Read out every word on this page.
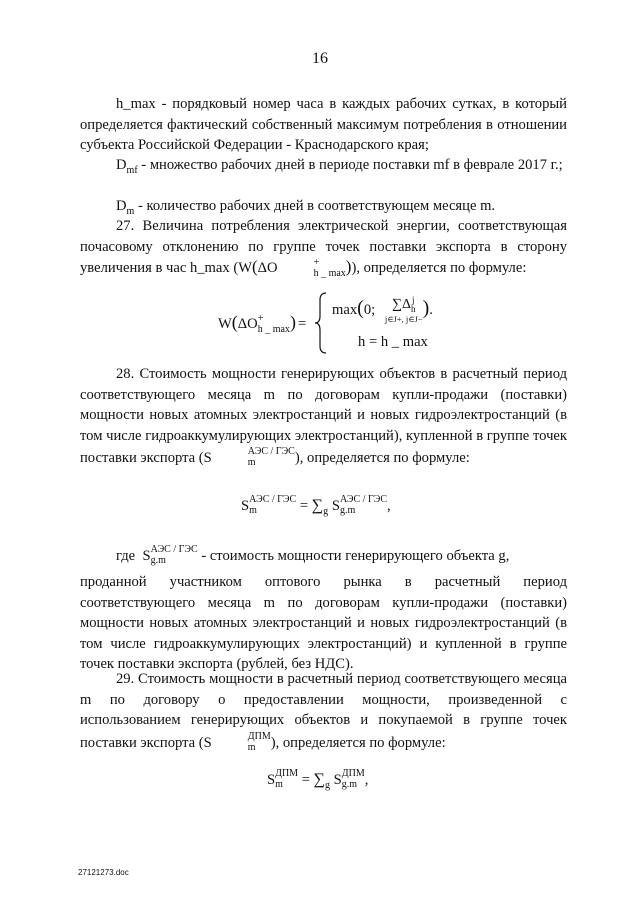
16

h_max - порядковый номер часа в каждых рабочих сутках, в который определяется фактический собственный максимум потребления в отношении субъекта Российской Федерации - Краснодарского края;

$D_{mf}$ - множество рабочих дней в периоде поставки mf в феврале 2017 г.;

$D_m$ - количество рабочих дней в соответствующем месяце m.

27. Величина потребления электрической энергии, соответствующая почасовому отклонению по группе точек поставки экспорта в сторону увеличения в час h_max (W(ΔO	+
h _ max )), определяется по формуле:

W(ΔO +
h _ max ) =
max(0;	∑Δ j
h
j∈J+, j∈J−
).
h = h _ max

28. Стоимость мощности генерирующих объектов в расчетный период соответствующего месяца m по договорам купли-продажи (поставки) мощности новых атомных электростанций и новых гидроэлектростанций (в том числе гидроаккумулирующих электростанций), купленной в группе точек поставки экспорта (S	АЭС / ГЭС
m	), определяется по формуле:

S АЭС / ГЭС
m	= $\sum_g$ S АЭС / ГЭС
g.m	,

где S АЭС / ГЭС
g.m	- стоимость мощности генерирующего объекта g,

проданной участником оптового рынка в расчетный период соответствующего месяца m по договорам купли-продажи (поставки) мощности новых атомных электростанций и новых гидроэлектростанций (в том числе гидроаккумулирующих электростанций) и купленной в группе точек поставки экспорта (рублей, без НДС).

29. Стоимость мощности в расчетный период соответствующего месяца m по договору о предоставлении мощности, произведенной с использованием генерирующих объектов и покупаемой в группе точек поставки экспорта (S	ДПМ
m	), определяется по формуле:

S ДПМ
m	= $\sum_g$ S ДПМ
g.m ,
27121273.doc
